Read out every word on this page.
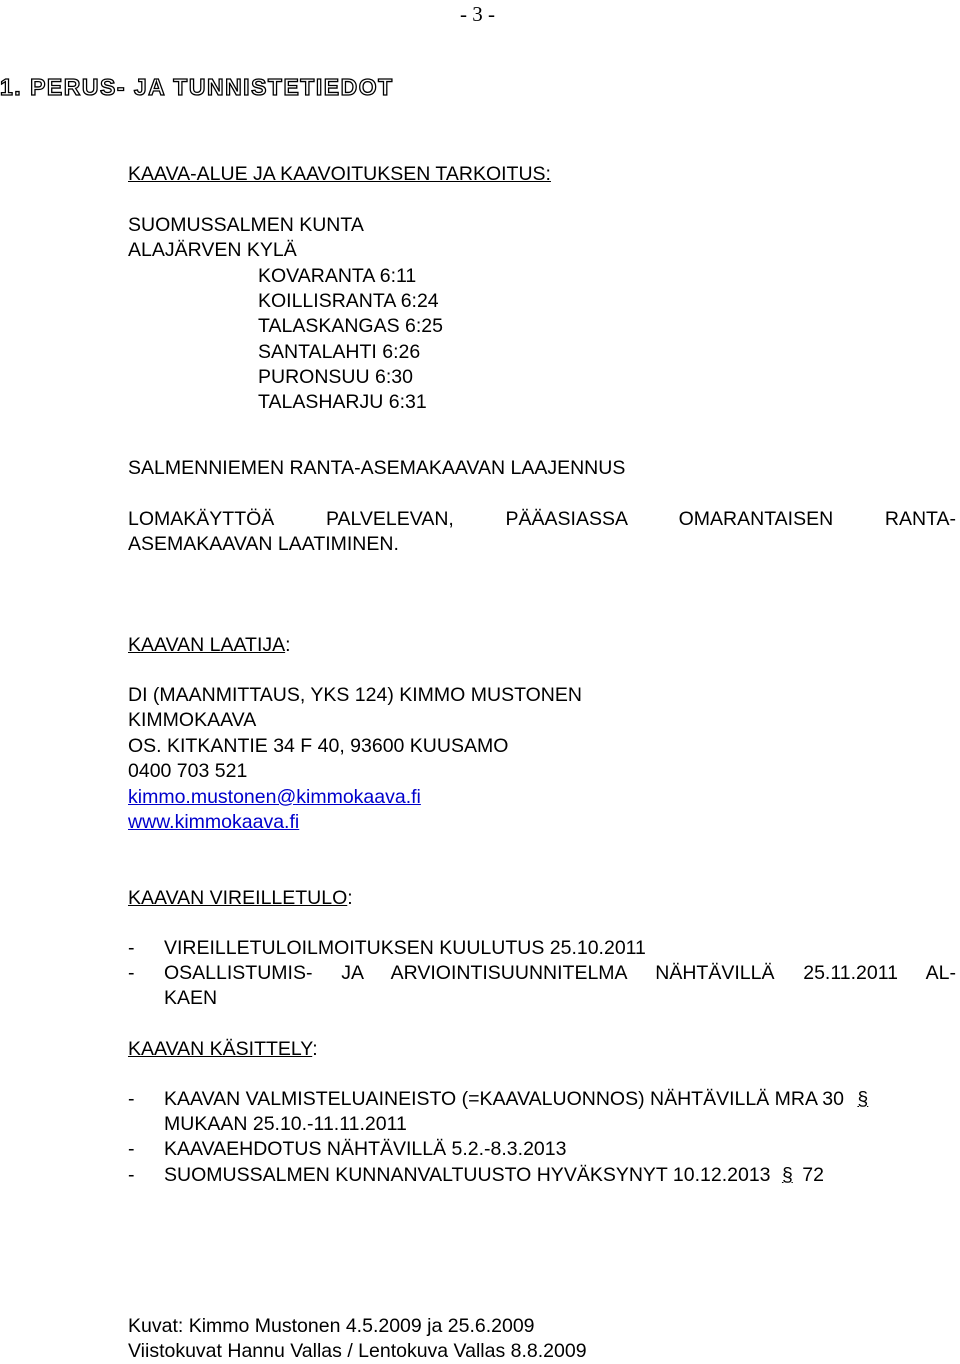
- 3 -
1. PERUS- JA TUNNISTETIEDOT
KAAVA-ALUE JA KAAVOITUKSEN TARKOITUS:
SUOMUSSALMEN KUNTA
ALAJÄRVEN KYLÄ
KOVARANTA 6:11
KOILLISRANTA 6:24
TALASKANGAS 6:25
SANTALAHTI 6:26
PURONSUU 6:30
TALASHARJU 6:31
SALMENNIEMEN RANTA-ASEMAKAAVAN LAAJENNUS
LOMAKÄYTTÖÄ PALVELEVAN, PÄÄASIASSA OMARANTAISEN RANTA-
ASEMAKAAVAN LAATIMINEN.
KAAVAN LAATIJA:
DI (MAANMITTAUS, YKS 124) KIMMO MUSTONEN
KIMMOKAAVA
OS. KITKANTIE 34 F 40, 93600 KUUSAMO
0400 703 521
kimmo.mustonen@kimmokaava.fi
www.kimmokaava.fi
KAAVAN VIREILLETULO:
- VIREILLETULOILMOITUKSEN KUULUTUS 25.10.2011
- OSALLISTUMIS- JA ARVIOINTISUUNNITELMA NÄHTÄVILLÄ 25.11.2011 AL-
KAEN
KAAVAN KÄSITTELY:
- KAAVAN VALMISTELUAINEISTO (=KAAVALUONNOS) NÄHTÄVILLÄ MRA 30 §
MUKAAN 25.10.-11.11.2011
- KAAVAEHDOTUS NÄHTÄVILLÄ 5.2.-8.3.2013
- SUOMUSSALMEN KUNNANVALTUUSTO HYVÄKSYNYT 10.12.2013 § 72
Kuvat: Kimmo Mustonen 4.5.2009 ja 25.6.2009
Viistokuvat Hannu Vallas / Lentokuva Vallas 8.8.2009
